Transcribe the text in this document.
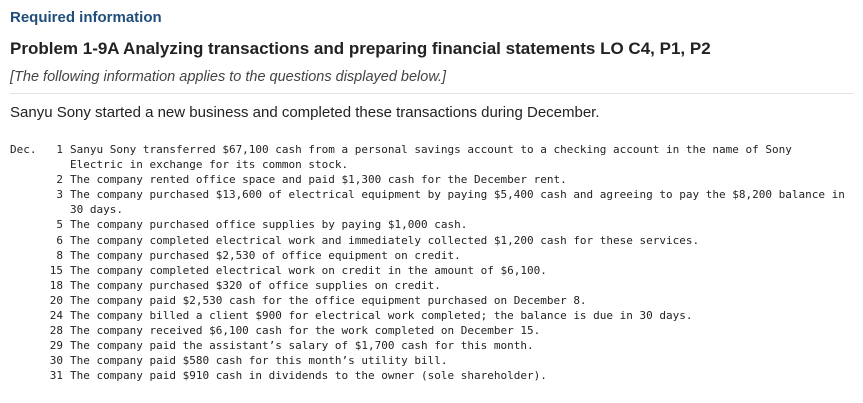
Required information
Problem 1-9A Analyzing transactions and preparing financial statements LO C4, P1, P2
[The following information applies to the questions displayed below.]
Sanyu Sony started a new business and completed these transactions during December.
Dec.	1 Sanyu Sony transferred $67,100 cash from a personal savings account to a checking account in the name of Sony Electric in exchange for its common stock.
2 The company rented office space and paid $1,300 cash for the December rent.
3 The company purchased $13,600 of electrical equipment by paying $5,400 cash and agreeing to pay the $8,200 balance in 30 days.
5 The company purchased office supplies by paying $1,000 cash.
6 The company completed electrical work and immediately collected $1,200 cash for these services.
8 The company purchased $2,530 of office equipment on credit.
15 The company completed electrical work on credit in the amount of $6,100.
18 The company purchased $320 of office supplies on credit.
20 The company paid $2,530 cash for the office equipment purchased on December 8.
24 The company billed a client $900 for electrical work completed; the balance is due in 30 days.
28 The company received $6,100 cash for the work completed on December 15.
29 The company paid the assistant’s salary of $1,700 cash for this month.
30 The company paid $580 cash for this month’s utility bill.
31 The company paid $910 cash in dividends to the owner (sole shareholder).
